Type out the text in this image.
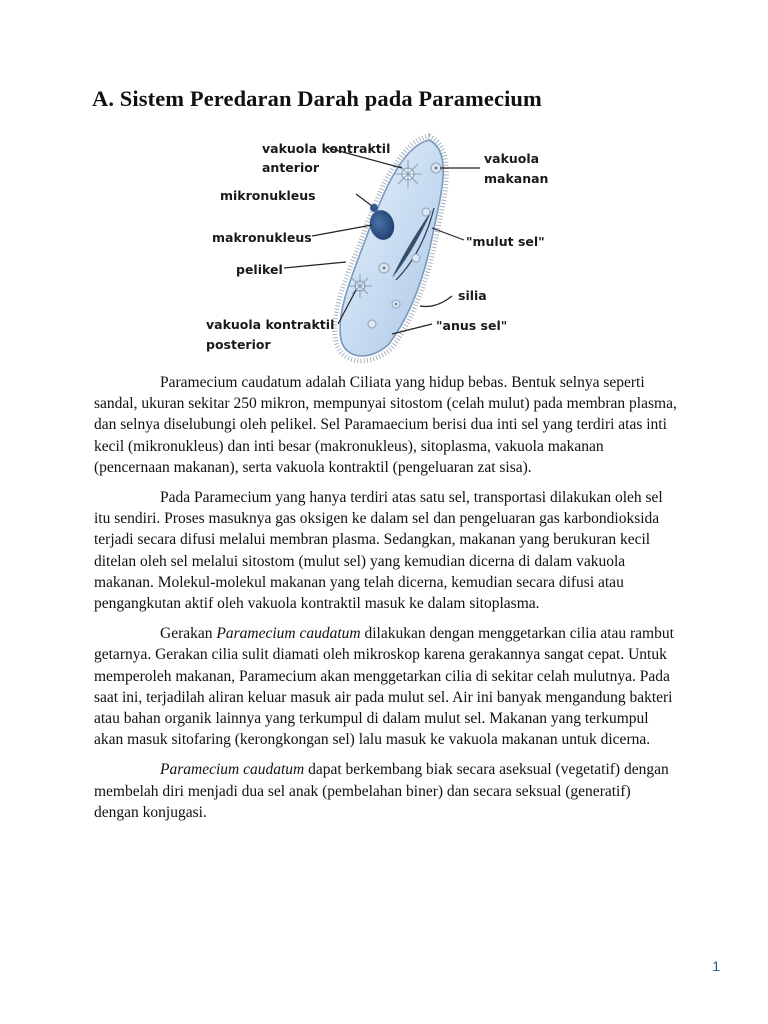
A. Sistem Peredaran Darah pada Paramecium
vakuola kontraktil
anterior
mikronukleus
makronukleus
pelikel
vakuola kontraktil
posterior
vakuola
makanan
"mulut sel"
silia
"anus sel"

Paramecium caudatum adalah Ciliata yang hidup bebas. Bentuk selnya seperti sandal, ukuran sekitar 250 mikron, mempunyai sitostom (celah mulut) pada membran plasma, dan selnya diselubungi oleh pelikel. Sel Paramaecium berisi dua inti sel yang terdiri atas inti kecil (mikronukleus) dan inti besar (makronukleus), sitoplasma, vakuola makanan (pencernaan makanan), serta vakuola kontraktil (pengeluaran zat sisa).

Pada Paramecium yang hanya terdiri atas satu sel, transportasi dilakukan oleh sel itu sendiri. Proses masuknya gas oksigen ke dalam sel dan pengeluaran gas karbondioksida terjadi secara difusi melalui membran plasma. Sedangkan, makanan yang berukuran kecil ditelan oleh sel melalui sitostom (mulut sel) yang kemudian dicerna di dalam vakuola makanan. Molekul-molekul makanan yang telah dicerna, kemudian secara difusi atau pengangkutan aktif oleh vakuola kontraktil masuk ke dalam sitoplasma.

Gerakan Paramecium caudatum dilakukan dengan menggetarkan cilia atau rambut getarnya. Gerakan cilia sulit diamati oleh mikroskop karena gerakannya sangat cepat. Untuk memperoleh makanan, Paramecium akan menggetarkan cilia di sekitar celah mulutnya. Pada saat ini, terjadilah aliran keluar masuk air pada mulut sel. Air ini banyak mengandung bakteri atau bahan organik lainnya yang terkumpul di dalam mulut sel. Makanan yang terkumpul akan masuk sitofaring (kerongkongan sel) lalu masuk ke vakuola makanan untuk dicerna.

Paramecium caudatum dapat berkembang biak secara aseksual (vegetatif) dengan membelah diri menjadi dua sel anak (pembelahan biner) dan secara seksual (generatif) dengan konjugasi.

1
